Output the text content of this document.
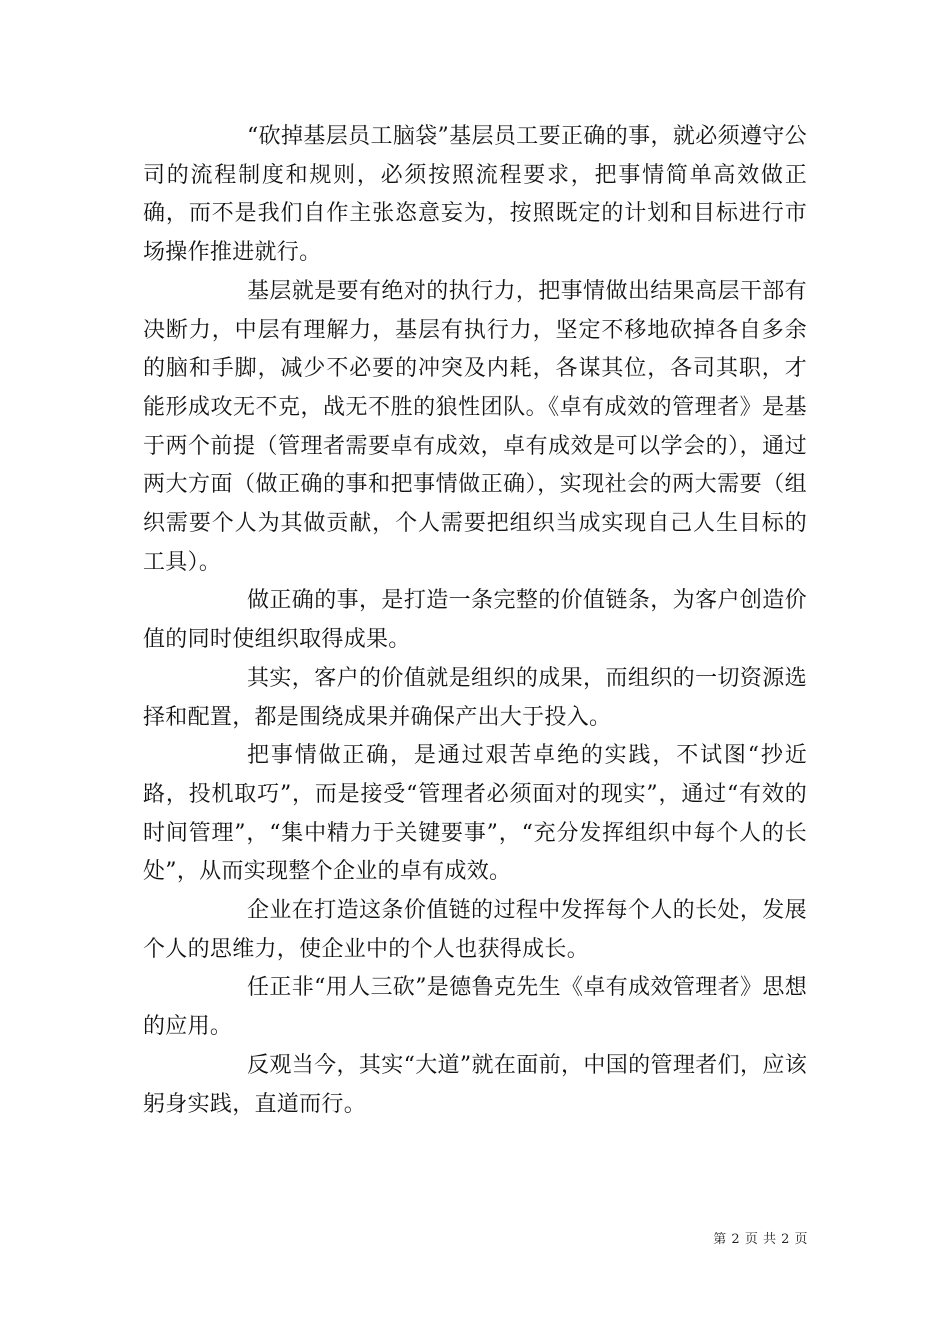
“砍掉基层员工脑袋”基层员工要正确的事，就必须遵守公司的流程制度和规则，必须按照流程要求，把事情简单高效做正确，而不是我们自作主张恣意妄为，按照既定的计划和目标进行市场操作推进就行。

基层就是要有绝对的执行力，把事情做出结果高层干部有决断力，中层有理解力，基层有执行力，坚定不移地砍掉各自多余的脑和手脚，减少不必要的冲突及内耗，各谋其位，各司其职，才能形成攻无不克，战无不胜的狼性团队。《卓有成效的管理者》是基于两个前提（管理者需要卓有成效，卓有成效是可以学会的），通过两大方面（做正确的事和把事情做正确），实现社会的两大需要（组织需要个人为其做贡献，个人需要把组织当成实现自己人生目标的工具）。

做正确的事，是打造一条完整的价值链条，为客户创造价值的同时使组织取得成果。

其实，客户的价值就是组织的成果，而组织的一切资源选择和配置，都是围绕成果并确保产出大于投入。

把事情做正确，是通过艰苦卓绝的实践，不试图“抄近路，投机取巧”，而是接受“管理者必须面对的现实”，通过“有效的时间管理”，“集中精力于关键要事”，“充分发挥组织中每个人的长处”，从而实现整个企业的卓有成效。

企业在打造这条价值链的过程中发挥每个人的长处，发展个人的思维力，使企业中的个人也获得成长。

任正非“用人三砍”是德鲁克先生《卓有成效管理者》思想的应用。

反观当今，其实“大道”就在面前，中国的管理者们，应该躬身实践，直道而行。

第 2 页 共 2 页
